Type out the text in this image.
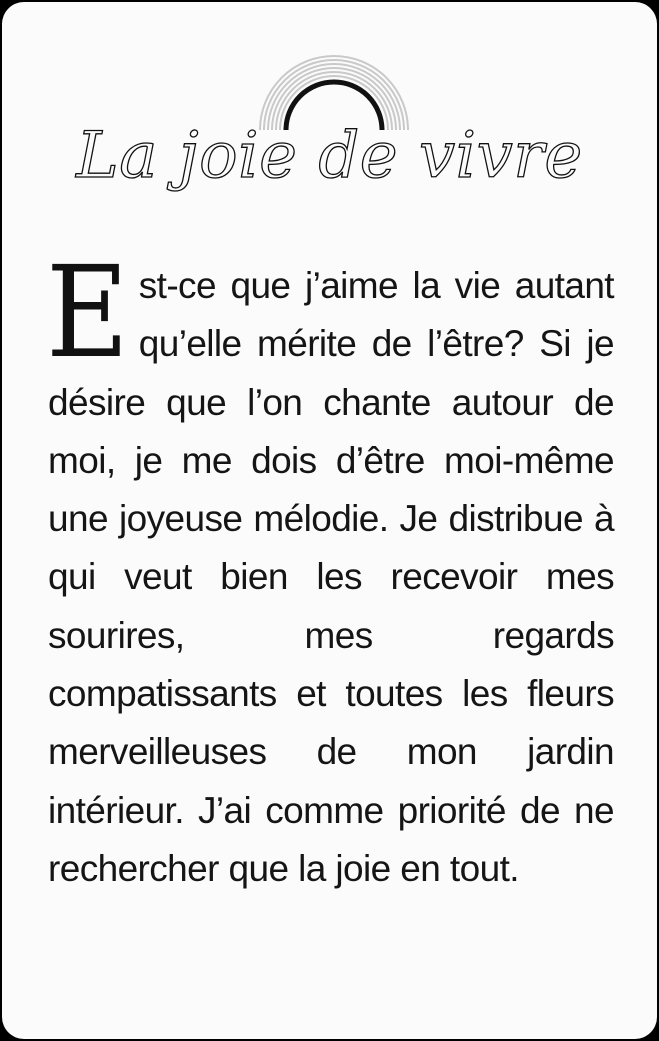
La joie de vivre
E st-ce que j’aime la vie autant qu’elle mérite de l’être? Si je désire que l’on chante autour de moi, je me dois d’être moi-même une joyeuse mélodie. Je distribue à qui veut bien les recevoir mes sourires, mes regards compatissants et toutes les fleurs merveilleuses de mon jardin intérieur. J’ai comme priorité de ne rechercher que la joie en tout.
